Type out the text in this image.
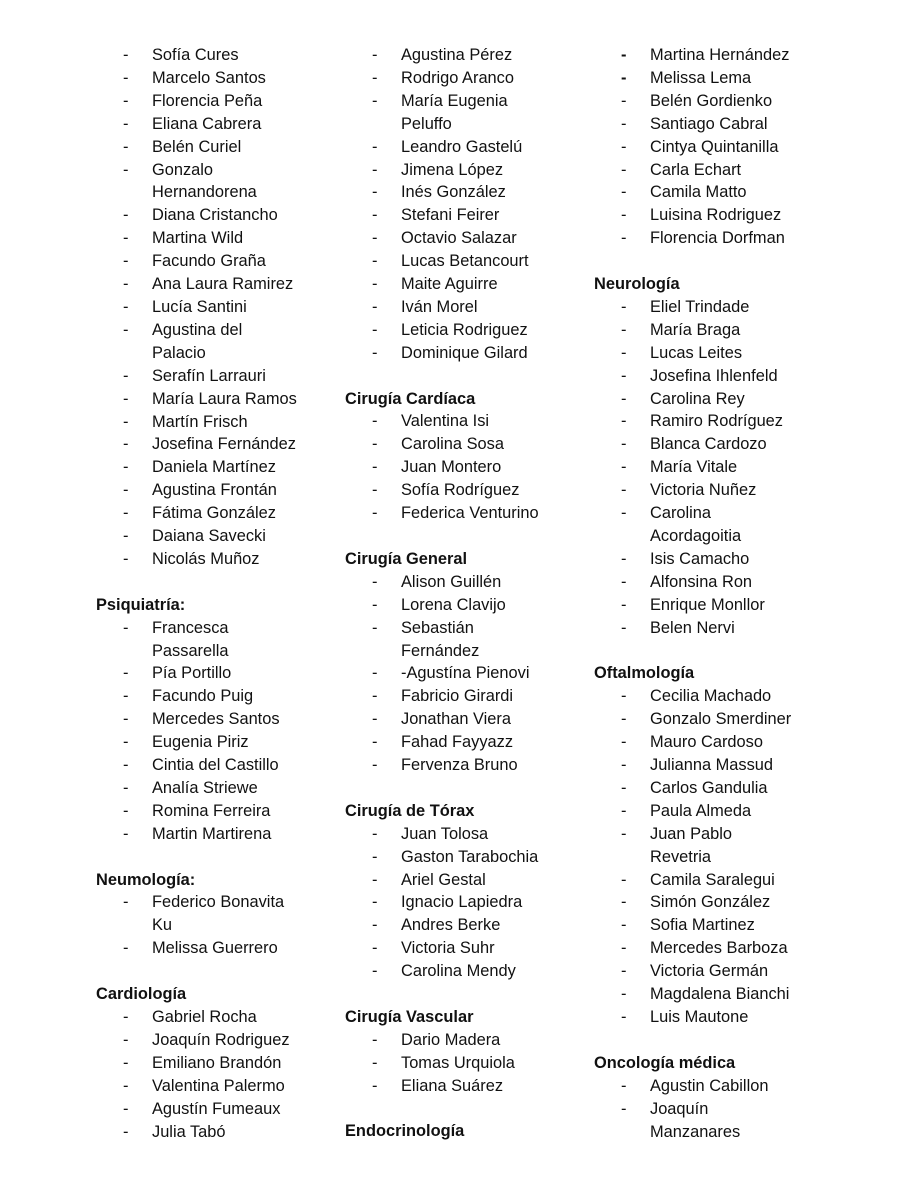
- Sofía Cures
- Marcelo Santos
- Florencia Peña
- Eliana Cabrera
- Belén Curiel
- Gonzalo
Hernandorena
- Diana Cristancho
- Martina Wild
- Facundo Graña
- Ana Laura Ramirez
- Lucía Santini
- Agustina del
Palacio
- Serafín Larrauri
- María Laura Ramos
- Martín Frisch
- Josefina Fernández
- Daniela Martínez
- Agustina Frontán
- Fátima González
- Daiana Savecki
- Nicolás Muñoz
Psiquiatría:
- Francesca
Passarella
- Pía Portillo
- Facundo Puig
- Mercedes Santos
- Eugenia Piriz
- Cintia del Castillo
- Analía Striewe
- Romina Ferreira
- Martin Martirena
Neumología:
- Federico Bonavita
Ku
- Melissa Guerrero
Cardiología
- Gabriel Rocha
- Joaquín Rodriguez
- Emiliano Brandón
- Valentina Palermo
- Agustín Fumeaux
- Julia Tabó
- Agustina Pérez
- Rodrigo Aranco
- María Eugenia
Peluffo
- Leandro Gastelú
- Jimena López
- Inés González
- Stefani Feirer
- Octavio Salazar
- Lucas Betancourt
- Maite Aguirre
- Iván Morel
- Leticia Rodriguez
- Dominique Gilard
Cirugía Cardíaca
- Valentina Isi
- Carolina Sosa
- Juan Montero
- Sofía Rodríguez
- Federica Venturino
Cirugía General
- Alison Guillén
- Lorena Clavijo
- Sebastián
Fernández
- -Agustína Pienovi
- Fabricio Girardi
- Jonathan Viera
- Fahad Fayyazz
- Fervenza Bruno
Cirugía de Tórax
- Juan Tolosa
- Gaston Tarabochia
- Ariel Gestal
- Ignacio Lapiedra
- Andres Berke
- Victoria Suhr
- Carolina Mendy
Cirugía Vascular
- Dario Madera
- Tomas Urquiola
- Eliana Suárez
Endocrinología
- Martina Hernández
- Melissa Lema
- Belén Gordienko
- Santiago Cabral
- Cintya Quintanilla
- Carla Echart
- Camila Matto
- Luisina Rodriguez
- Florencia Dorfman
Neurología
- Eliel Trindade
- María Braga
- Lucas Leites
- Josefina Ihlenfeld
- Carolina Rey
- Ramiro Rodríguez
- Blanca Cardozo
- María Vitale
- Victoria Nuñez
- Carolina
Acordagoitia
- Isis Camacho
- Alfonsina Ron
- Enrique Monllor
- Belen Nervi
Oftalmología
- Cecilia Machado
- Gonzalo Smerdiner
- Mauro Cardoso
- Julianna Massud
- Carlos Gandulia
- Paula Almeda
- Juan Pablo
Revetria
- Camila Saralegui
- Simón González
- Sofia Martinez
- Mercedes Barboza
- Victoria Germán
- Magdalena Bianchi
- Luis Mautone
Oncología médica
- Agustin Cabillon
- Joaquín
Manzanares
